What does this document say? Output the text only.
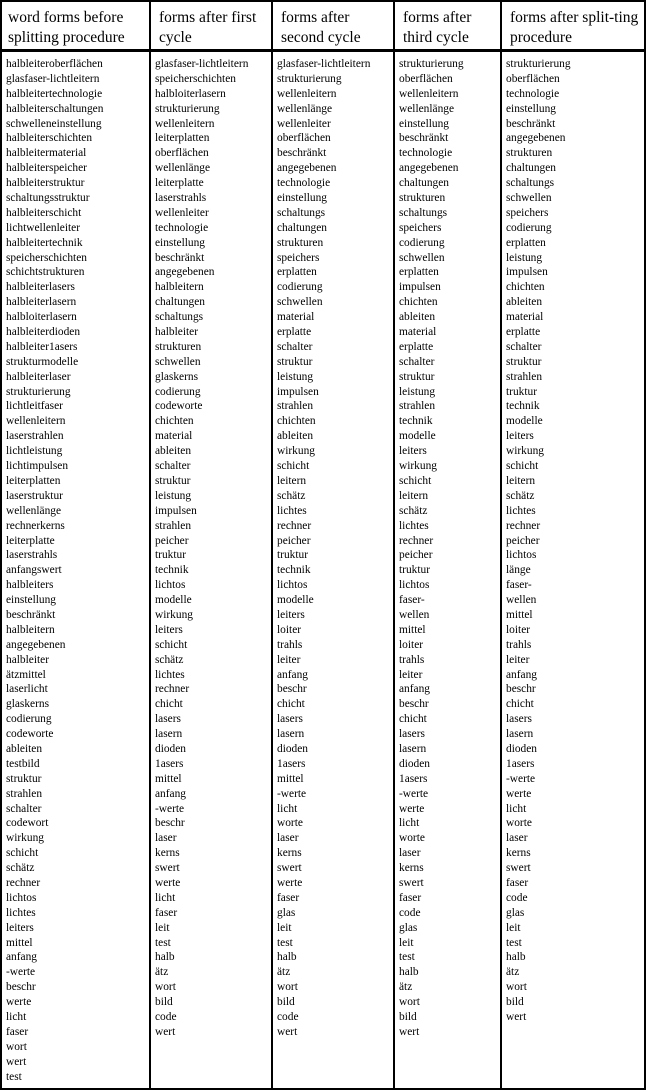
word forms before splitting procedure
halbleiteroberflächen
glasfaser-lichtleitern
halbleitertechnologie
halbleiterschaltungen
schwelleneinstellung
halbleiterschichten
halbleitermaterial
halbleiterspeicher
halbleiterstruktur
schaltungsstruktur
halbleiterschicht
lichtwellenleiter
halbleitertechnik
speicherschichten
schichtstrukturen
halbleiterlasers
halbleiterlasern
halbloiterlasern
halbleiterdioden
halbleiter1asers
strukturmodelle
halbleiterlaser
strukturierung
lichtleitfaser
wellenleitern
laserstrahlen
lichtleistung
lichtimpulsen
leiterplatten
laserstruktur
wellenlänge
rechnerkerns
leiterplatte
laserstrahls
anfangswert
halbleiters
einstellung
beschränkt
halbleitern
angegebenen
halbleiter
ätzmittel
laserlicht
glaskerns
codierung
codeworte
ableiten
testbild
struktur
strahlen
schalter
codewort
wirkung
schicht
schätz
rechner
lichtos
lichtes
leiters
mittel
anfang
-werte
beschr
werte
licht
faser
wort
wert
test
forms after first cycle
glasfaser-lichtleitern
speicherschichten
halbloiterlasern
strukturierung
wellenleitern
leiterplatten
oberflächen
wellenlänge
leiterplatte
laserstrahls
wellenleiter
technologie
einstellung
beschränkt
angegebenen
halbleitern
chaltungen
schaltungs
halbleiter
strukturen
schwellen
glaskerns
codierung
codeworte
chichten
material
ableiten
schalter
struktur
leistung
impulsen
strahlen
peicher
truktur
technik
lichtos
modelle
wirkung
leiters
schicht
schätz
lichtes
rechner
chicht
lasers
lasern
dioden
1asers
mittel
anfang
-werte
beschr
laser
kerns
swert
werte
licht
faser
leit
test
halb
ätz
wort
bild
code
wert
forms after second cycle
glasfaser-lichtleitern
strukturierung
wellenleitern
wellenlänge
wellenleiter
oberflächen
beschränkt
angegebenen
technologie
einstellung
schaltungs
chaltungen
strukturen
speichers
erplatten
codierung
schwellen
material
erplatte
schalter
struktur
leistung
impulsen
strahlen
chichten
ableiten
wirkung
schicht
leitern
schätz
lichtes
rechner
peicher
truktur
technik
lichtos
modelle
leiters
loiter
trahls
leiter
anfang
beschr
chicht
lasers
lasern
dioden
1asers
mittel
-werte
licht
worte
laser
kerns
swert
werte
faser
glas
leit
test
halb
ätz
wort
bild
code
wert
forms after third cycle
strukturierung
oberflächen
wellenleitern
wellenlänge
einstellung
beschränkt
technologie
angegebenen
chaltungen
strukturen
schaltungs
speichers
codierung
schwellen
erplatten
impulsen
chichten
ableiten
material
erplatte
schalter
struktur
leistung
strahlen
technik
modelle
leiters
wirkung
schicht
leitern
schätz
lichtes
rechner
peicher
truktur
lichtos
faser-
wellen
mittel
loiter
trahls
leiter
anfang
beschr
chicht
lasers
lasern
dioden
1asers
-werte
werte
licht
worte
laser
kerns
swert
faser
code
glas
leit
test
halb
ätz
wort
bild
wert
forms after split-ting procedure
strukturierung
oberflächen
technologie
einstellung
beschränkt
angegebenen
strukturen
chaltungen
schaltungs
schwellen
speichers
codierung
erplatten
leistung
impulsen
chichten
ableiten
material
erplatte
schalter
struktur
strahlen
truktur
technik
modelle
leiters
wirkung
schicht
leitern
schätz
lichtes
rechner
peicher
lichtos
länge
faser-
wellen
mittel
loiter
trahls
leiter
anfang
beschr
chicht
lasers
lasern
dioden
1asers
-werte
werte
licht
worte
laser
kerns
swert
faser
code
glas
leit
test
halb
ätz
wort
bild
wert
